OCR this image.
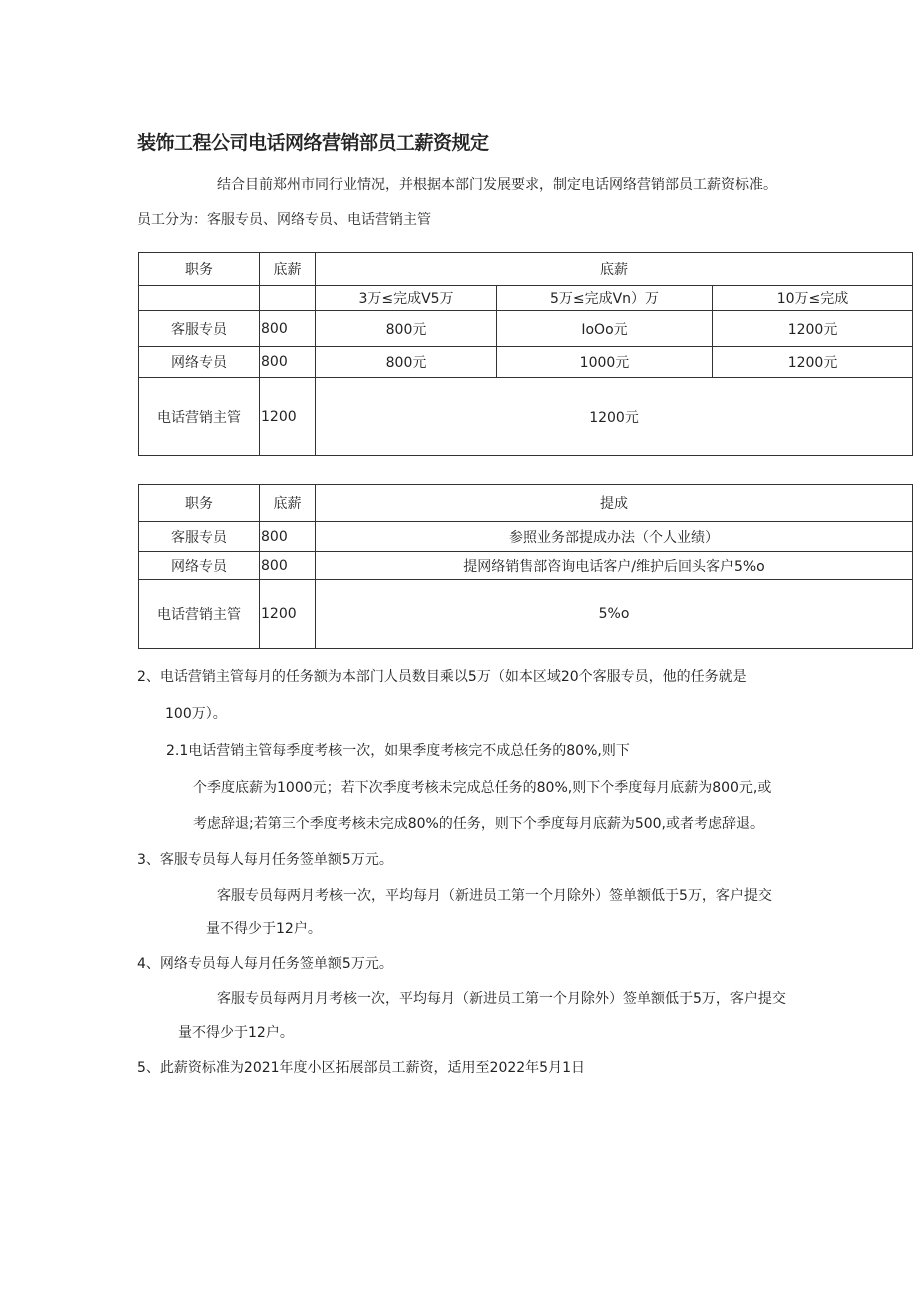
装饰工程公司电话网络营销部员工薪资规定
结合目前郑州市同行业情况，并根据本部门发展要求，制定电话网络营销部员工薪资标准。
员工分为：客服专员、网络专员、电话营销主管
职务	底薪	底薪		
		3万≤完成V5万	5万≤完成Vn）万	10万≤完成
客服专员	800	800元	IoOo元	1200元
网络专员	800	800元	1000元	1200元
电话营销主管	1200	1200元		
职务	底薪	提成
客服专员	800	参照业务部提成办法（个人业绩）
网络专员	800	提网络销售部咨询电话客户/维护后回头客户5%o
电话营销主管	1200	5%o
2、电话营销主管每月的任务额为本部门人员数目乘以5万（如本区域20个客服专员，他的任务就是
100万）。
2.1电话营销主管每季度考核一次，如果季度考核完不成总任务的80%,则下
个季度底薪为1000元；若下次季度考核未完成总任务的80%,则下个季度每月底薪为800元,或
考虑辞退;若第三个季度考核未完成80%的任务，则下个季度每月底薪为500,或者考虑辞退。
3、客服专员每人每月任务签单额5万元。
客服专员每两月考核一次，平均每月（新进员工第一个月除外）签单额低于5万，客户提交
量不得少于12户。
4、网络专员每人每月任务签单额5万元。
客服专员每两月月考核一次，平均每月（新进员工第一个月除外）签单额低于5万，客户提交
量不得少于12户。
5、此薪资标准为2021年度小区拓展部员工薪资，适用至2022年5月1日
